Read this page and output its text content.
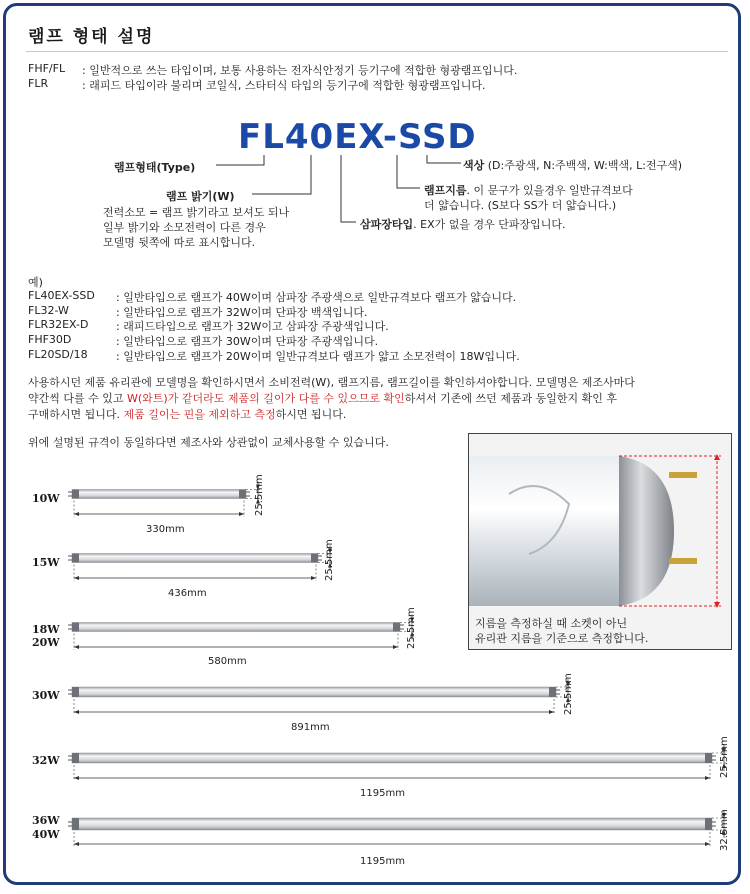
램프 형태 설명
FHF/FL : 일반적으로 쓰는 타입이며, 보통 사용하는 전자식안정기 등기구에 적합한 형광램프입니다.
FLR	: 래피드 타입이라 불리며 코일식, 스타터식 타입의 등기구에 적합한 형광램프입니다.
FL40EX-SSD
램프형태(Type)
램프 밝기(W)
전력소모 = 램프 밝기라고 보셔도 되나
일부 밝기와 소모전력이 다른 경우
모델명 뒷쪽에 따로 표시합니다.
삼파장타입. EX가 없을 경우 단파장입니다.
색상 (D:주광색, N:주백색, W:백색, L:전구색)
램프지름. 이 문구가 있을경우 일반규격보다
더 얇습니다. (S보다 SS가 더 얇습니다.)
예)
FL40EX-SSD : 일반타입으로 램프가 40W이며 삼파장 주광색으로 일반규격보다 램프가 얇습니다.
FL32-W	: 일반타입으로 램프가 32W이며 단파장 백색입니다.
FLR32EX-D	: 래피드타입으로 램프가 32W이고 삼파장 주광색입니다.
FHF30D	: 일반타입으로 램프가 30W이며 단파장 주광색입니다.
FL20SD/18	: 일반타입으로 램프가 20W이며 일반규격보다 램프가 얇고 소모전력이 18W입니다.
사용하시던 제품 유리관에 모델명을 확인하시면서 소비전력(W), 램프지름, 램프길이를 확인하셔야합니다. 모델명은 제조사마다
약간씩 다를 수 있고 W(와트)가 같더라도 제품의 길이가 다를 수 있으므로 확인하셔서 기존에 쓰던 제품과 동일한지 확인 후
구매하시면 됩니다. 제품 길이는 핀을 제외하고 측정하시면 됩니다.
위에 설명된 규격이 동일하다면 제조사와 상관없이 교체사용할 수 있습니다.
지름을 측정하실 때 소켓이 아닌
유리관 지름을 기준으로 측정합니다.
10W
15W
18W
20W
30W
32W
36W
40W
330mm
436mm
580mm
891mm
1195mm
1195mm
25.5mm
25.5mm
25.5mm
25.5mm
25.5mm
32.5mm
